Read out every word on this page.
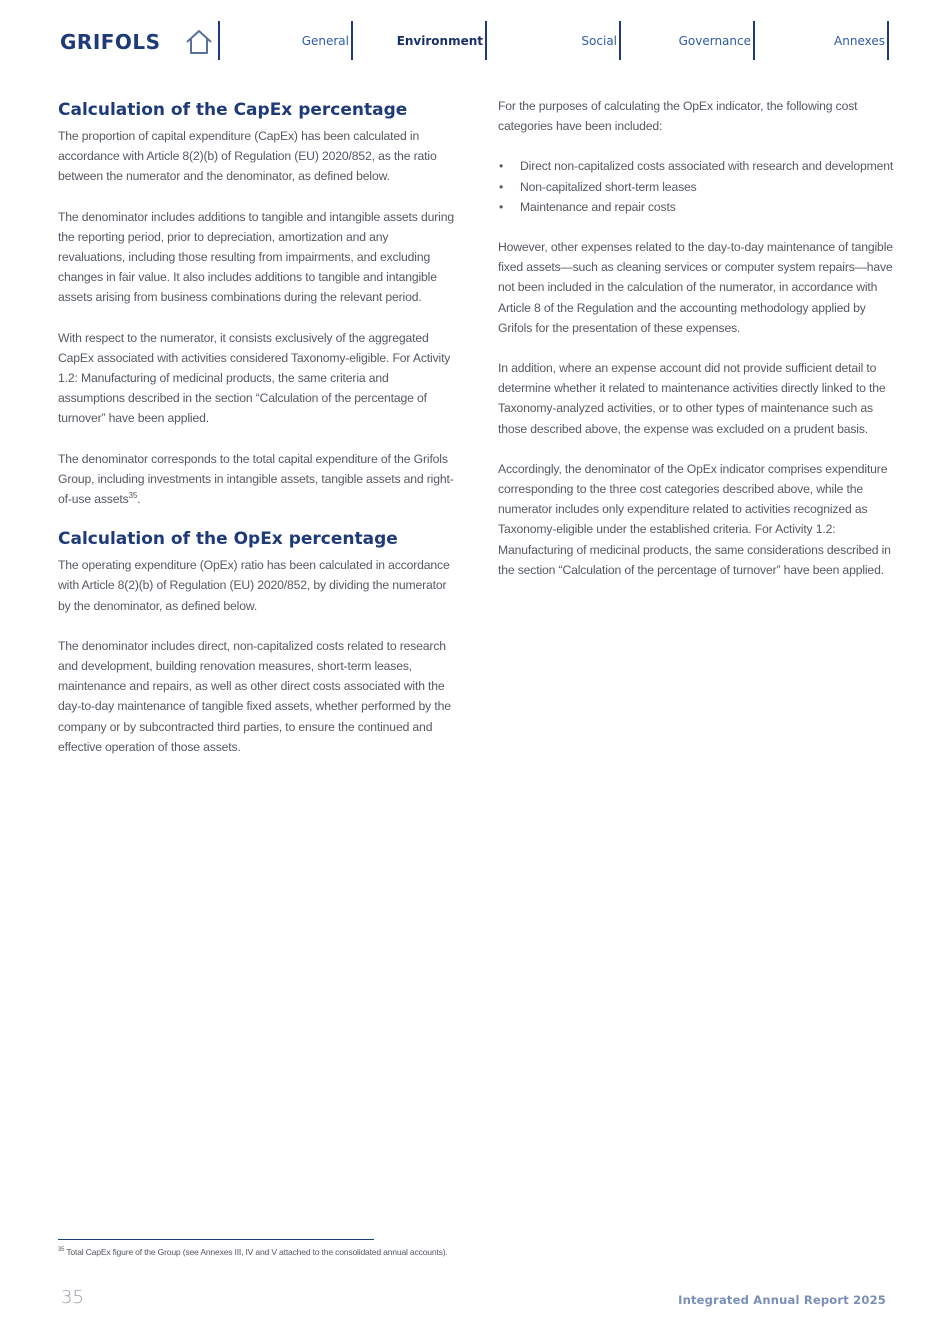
GRIFOLS	General	Environment	Social	Governance	Annexes
Calculation of the CapEx percentage

The proportion of capital expenditure (CapEx) has been calculated in accordance with Article 8(2)(b) of Regulation (EU) 2020/852, as the ratio between the numerator and the denominator, as defined below.

The denominator includes additions to tangible and intangible assets during the reporting period, prior to depreciation, amortization and any revaluations, including those resulting from impairments, and excluding changes in fair value. It also includes additions to tangible and intangible assets arising from business combinations during the relevant period.

With respect to the numerator, it consists exclusively of the aggregated CapEx associated with activities considered Taxonomy-eligible. For Activity 1.2: Manufacturing of medicinal products, the same criteria and assumptions described in the section “Calculation of the percentage of turnover” have been applied.

The denominator corresponds to the total capital expenditure of the Grifols Group, including investments in intangible assets, tangible assets and right-of-use assets$^{35}$.

Calculation of the OpEx percentage

The operating expenditure (OpEx) ratio has been calculated in accordance with Article 8(2)(b) of Regulation (EU) 2020/852, by dividing the numerator by the denominator, as defined below.

The denominator includes direct, non-capitalized costs related to research and development, building renovation measures, short-term leases, maintenance and repairs, as well as other direct costs associated with the day-to-day maintenance of tangible fixed assets, whether performed by the company or by subcontracted third parties, to ensure the continued and effective operation of those assets.

For the purposes of calculating the OpEx indicator, the following cost categories have been included:

• Direct non-capitalized costs associated with research and development
• Non-capitalized short-term leases
• Maintenance and repair costs

However, other expenses related to the day-to-day maintenance of tangible fixed assets—such as cleaning services or computer system repairs—have not been included in the calculation of the numerator, in accordance with Article 8 of the Regulation and the accounting methodology applied by Grifols for the presentation of these expenses.

In addition, where an expense account did not provide sufficient detail to determine whether it related to maintenance activities directly linked to the Taxonomy-analyzed activities, or to other types of maintenance such as those described above, the expense was excluded on a prudent basis.

Accordingly, the denominator of the OpEx indicator comprises expenditure corresponding to the three cost categories described above, while the numerator includes only expenditure related to activities recognized as Taxonomy-eligible under the established criteria. For Activity 1.2: Manufacturing of medicinal products, the same considerations described in the section “Calculation of the percentage of turnover” have been applied.

$^{35}$ Total CapEx figure of the Group (see Annexes III, IV and V attached to the consolidated annual accounts).
35	Integrated Annual Report 2025
